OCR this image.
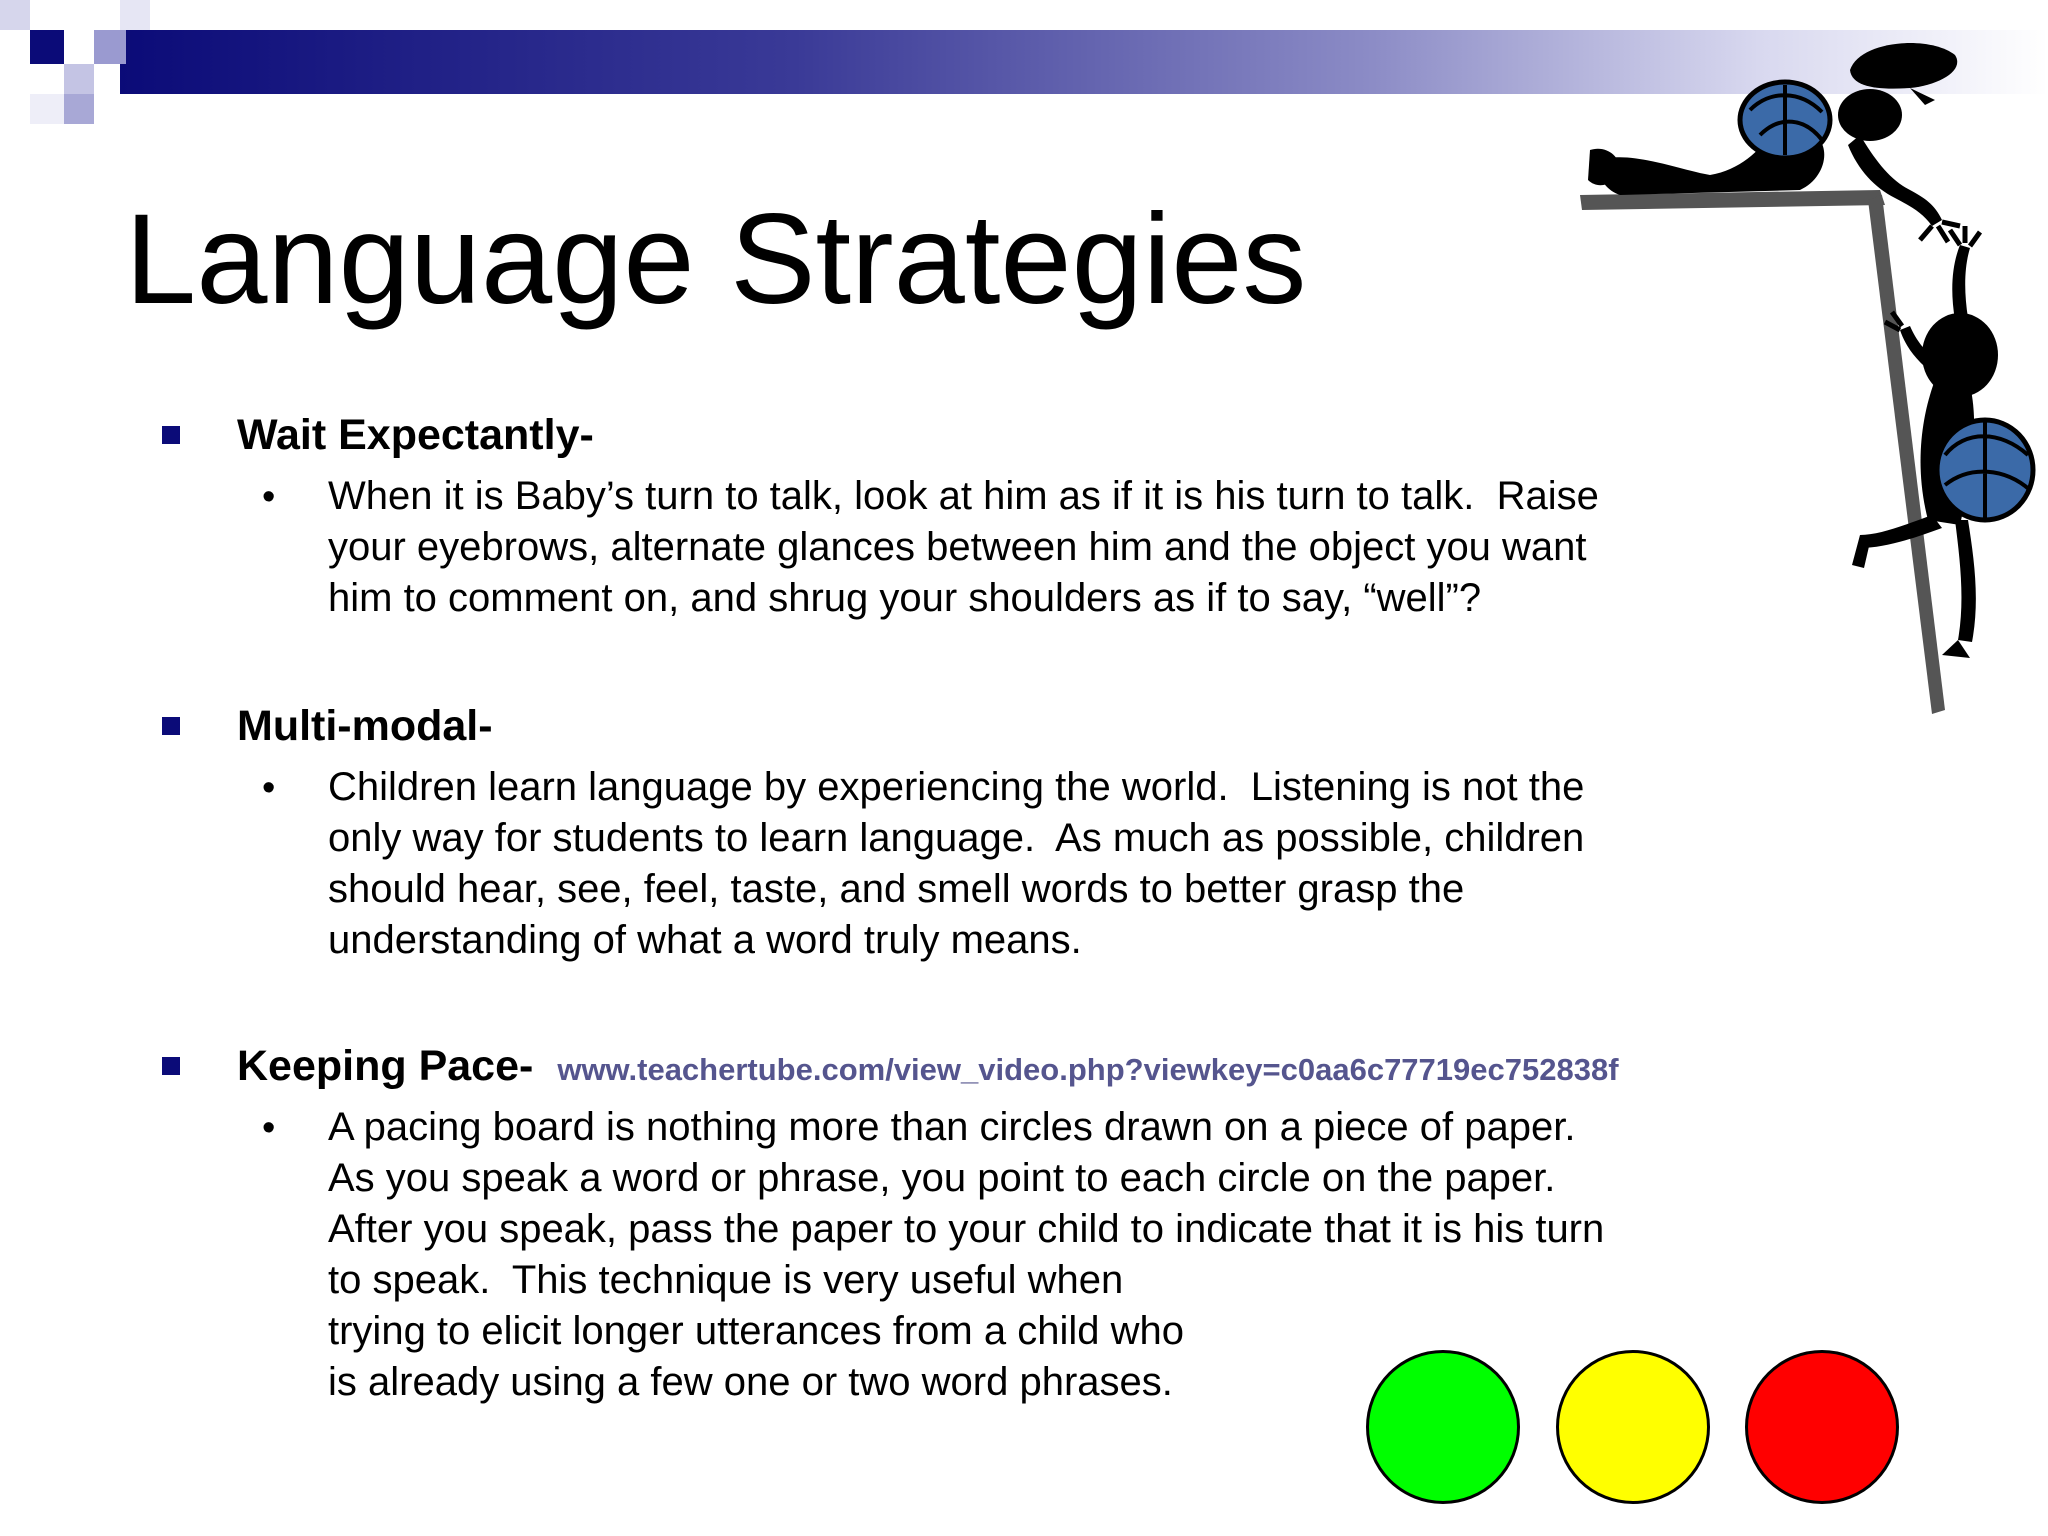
Language Strategies
Wait Expectantly-
• When it is Baby’s turn to talk, look at him as if it is his turn to talk.  Raise
your eyebrows, alternate glances between him and the object you want
him to comment on, and shrug your shoulders as if to say, “well”?
Multi-modal-
• Children learn language by experiencing the world.  Listening is not the
only way for students to learn language.  As much as possible, children
should hear, see, feel, taste, and smell words to better grasp the
understanding of what a word truly means.
Keeping Pace- www.teachertube.com/view_video.php?viewkey=c0aa6c77719ec752838f
• A pacing board is nothing more than circles drawn on a piece of paper.
As you speak a word or phrase, you point to each circle on the paper.
After you speak, pass the paper to your child to indicate that it is his turn
to speak.  This technique is very useful when
trying to elicit longer utterances from a child who
is already using a few one or two word phrases.
